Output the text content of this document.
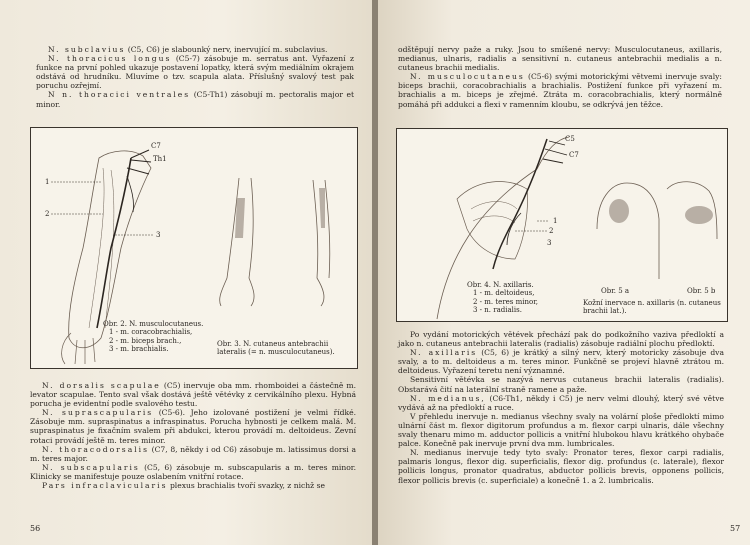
N. subclavius (C5, C6) je slabounký nerv, inervující m. subclavius.

N. thoracicus longus (C5-7) zásobuje m. serratus ant. Vyřazení z funkce na první pohled ukazuje postavení lopatky, která svým mediálním okrajem odstává od hrudníku. Mluvíme o tzv. scapula alata. Příslušný svalový test pak poruchu ozřejmí.

N n. thoracici ventrales (C5-Th1) zásobují m. pectoralis major et minor.

C7
Th1
1
2
3
Obr. 2. N. musculocutaneus.
1 - m. coracobrachialis,
2 - m. biceps brach.,
3 - m. brachialis.
Obr. 3. N. cutaneus antebrachii lateralis (= n. musculocutaneus).

N. dorsalis scapulae (C5) inervuje oba mm. rhomboidei a částečně m. levator scapulae. Tento sval však dostává ještě větévky z cervikálního plexu. Hybná porucha je evidentní podle svalového testu.

N. suprascapularis (C5-6). Jeho izolované postižení je velmi řídké. Zásobuje mm. supraspinatus a infraspinatus. Porucha hybnosti je celkem malá. M. supraspinatus je fixačním svalem při abdukci, kterou provádí m. deltoideus. Zevní rotaci provádí ještě m. teres minor.

N. thoracodorsalis (C7, 8, někdy i od C6) zásobuje m. latissimus dorsi a m. teres major.

N. subscapularis (C5, 6) zásobuje m. subscapularis a m. teres minor. Klinicky se manifestuje pouze oslabením vnitřní rotace.

Pars infraclavicularis plexus brachialis tvoří svazky, z nichž se

56

odštěpují nervy paže a ruky. Jsou to smíšené nervy: Musculocutaneus, axillaris, medianus, ulnaris, radialis a sensitivní n. cutaneus antebrachii medialis a n. cutaneus brachii medialis.

N. musculocutaneus (C5-6) svými motorickými větvemi inervuje svaly: biceps brachii, coracobrachialis a brachialis. Postižení funkce při vyřazení m. brachialis a m. biceps je zřejmé. Ztráta m. coracobrachialis, který normálně pomáhá při addukci a flexi v ramenním kloubu, se odkrývá jen těžce.

C5
C7
1
2
3
Obr. 4. N. axillaris.
1 - m. deltoideus,
2 - m. teres minor,
3 - n. radialis.
Obr. 5 a	Obr. 5 b
Kožní inervace n. axillaris (n. cutaneus brachii lat.).

Po vydání motorických větévek přechází pak do podkožního vaziva předloktí a jako n. cutaneus antebrachii lateralis (radialis) zásobuje radiální plochu předloktí.

N. axillaris (C5, 6) je krátký a silný nerv, který motoricky zásobuje dva svaly, a to m. deltoideus a m. teres minor. Funkčně se projeví hlavně ztrátou m. deltoideus. Vyřazení teretu není významné.

Sensitivní větévka se nazývá nervus cutaneus brachii lateralis (radialis). Obstarává čití na laterální straně ramene a paže.

N. medianus, (C6-Th1, někdy i C5) je nerv velmi dlouhý, který své větve vydává až na předloktí a ruce.

V přehledu inervuje n. medianus všechny svaly na volární ploše předloktí mimo ulnární část m. flexor digitorum profundus a m. flexor carpi ulnaris, dále všechny svaly thenaru mimo m. adductor pollicis a vnitřní hlubokou hlavu krátkého ohybače palce. Konečně pak inervuje první dva mm. lumbricales.

N. medianus inervuje tedy tyto svaly: Pronator teres, flexor carpi radialis, palmaris longus, flexor dig. superficialis, flexor dig. profundus (c. laterale), flexor pollicis longus, pronator quadratus, abductor pollicis brevis, opponens pollicis, flexor pollicis brevis (c. superficiale) a konečně 1. a 2. lumbricalis.

57
